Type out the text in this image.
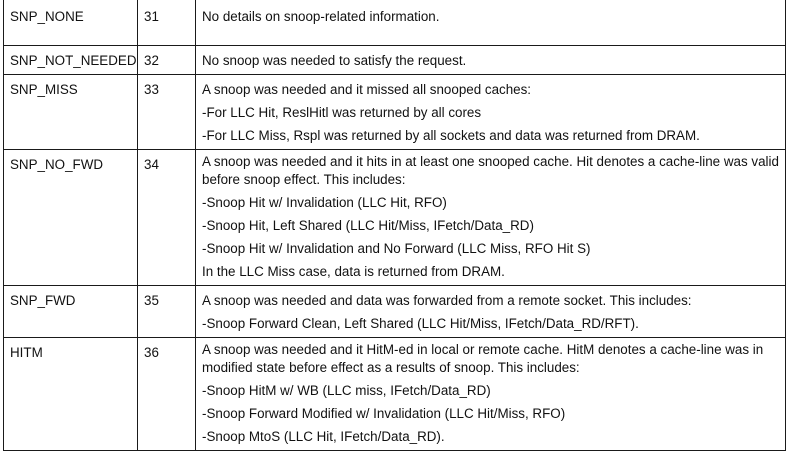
SNP_NONE	31	No details on snoop-related information.

SNP_NOT_NEEDED	32	No snoop was needed to satisfy the request.

SNP_MISS	33	A snoop was needed and it missed all snooped caches:
-For LLC Hit, ReslHitl was returned by all cores
-For LLC Miss, Rspl was returned by all sockets and data was returned from DRAM.

SNP_NO_FWD	34	A snoop was needed and it hits in at least one snooped cache. Hit denotes a cache-line was valid before snoop effect. This includes:
-Snoop Hit w/ Invalidation (LLC Hit, RFO)
-Snoop Hit, Left Shared (LLC Hit/Miss, IFetch/Data_RD)
-Snoop Hit w/ Invalidation and No Forward (LLC Miss, RFO Hit S)
In the LLC Miss case, data is returned from DRAM.

SNP_FWD	35	A snoop was needed and data was forwarded from a remote socket. This includes:
-Snoop Forward Clean, Left Shared (LLC Hit/Miss, IFetch/Data_RD/RFT).

HITM	36	A snoop was needed and it HitM-ed in local or remote cache. HitM denotes a cache-line was in modified state before effect as a results of snoop. This includes:
-Snoop HitM w/ WB (LLC miss, IFetch/Data_RD)
-Snoop Forward Modified w/ Invalidation (LLC Hit/Miss, RFO)
-Snoop MtoS (LLC Hit, IFetch/Data_RD).
